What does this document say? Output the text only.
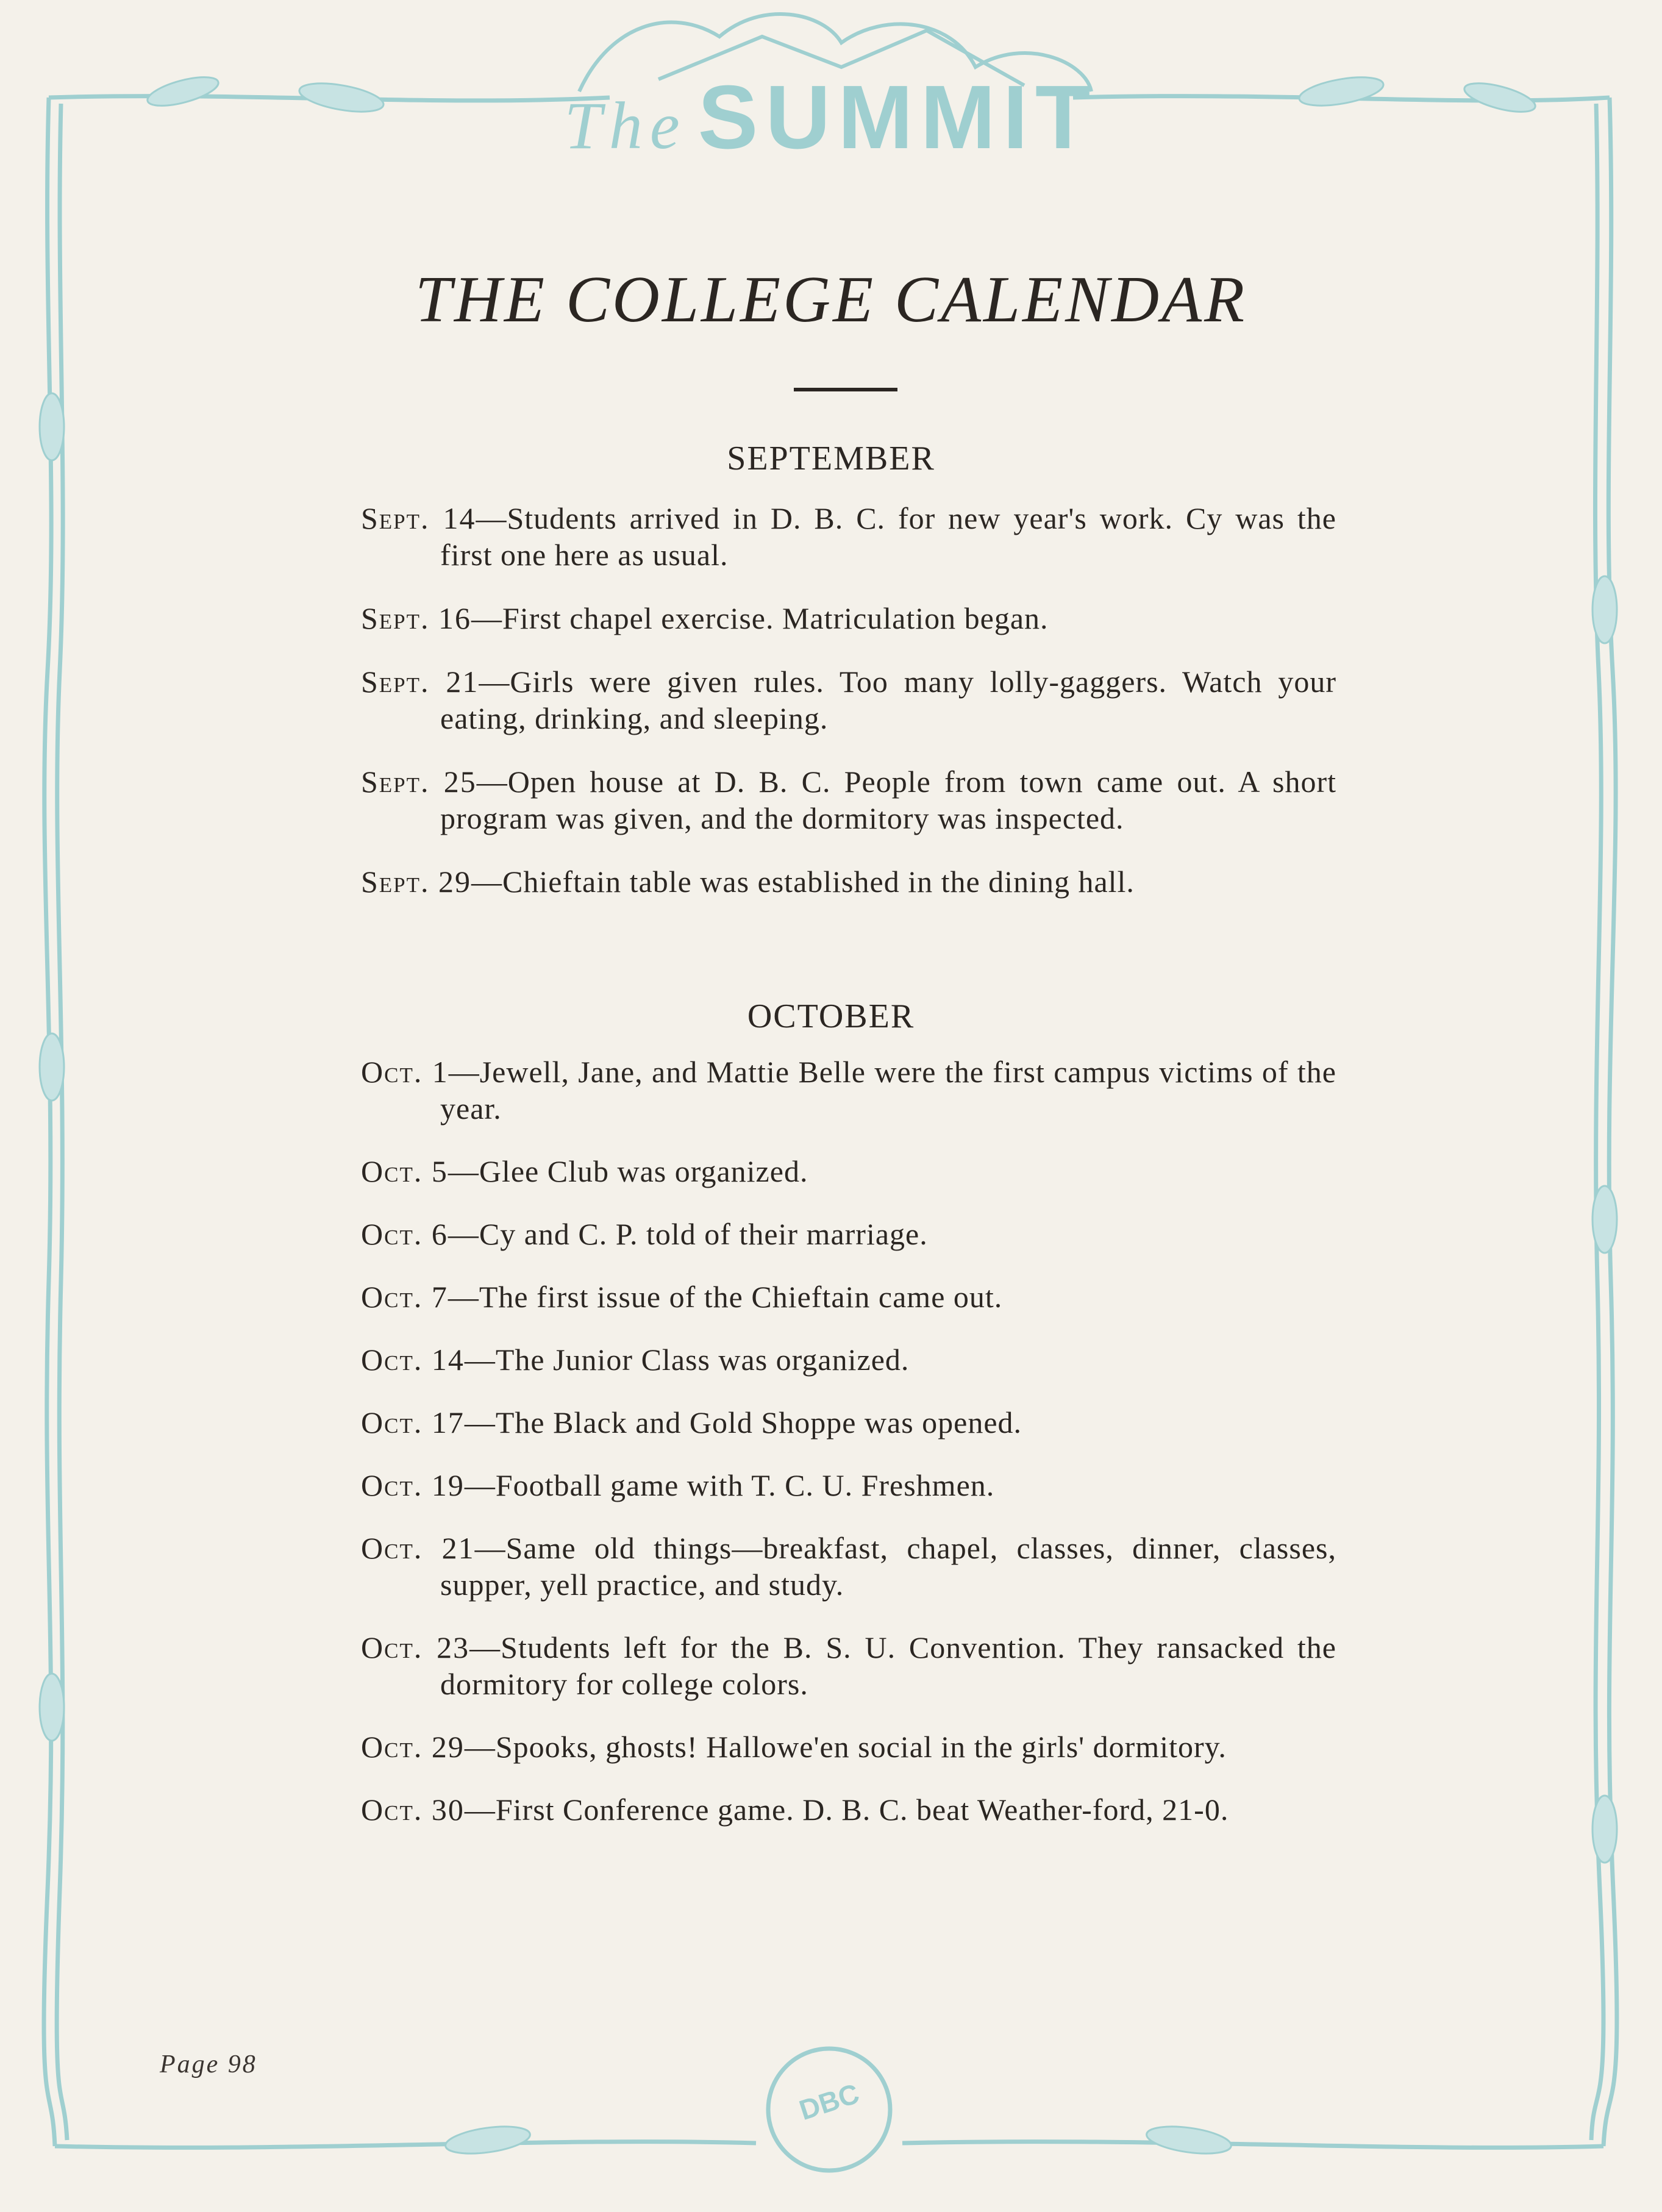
The SUMMIT
THE COLLEGE CALENDAR
SEPTEMBER
Sept. 14—Students arrived in D. B. C. for new year's work. Cy was the first one here as usual.
Sept. 16—First chapel exercise. Matriculation began.
Sept. 21—Girls were given rules. Too many lolly-gaggers. Watch your eating, drinking, and sleeping.
Sept. 25—Open house at D. B. C. People from town came out. A short program was given, and the dormitory was inspected.
Sept. 29—Chieftain table was established in the dining hall.
OCTOBER
Oct. 1—Jewell, Jane, and Mattie Belle were the first campus victims of the year.
Oct. 5—Glee Club was organized.
Oct. 6—Cy and C. P. told of their marriage.
Oct. 7—The first issue of the Chieftain came out.
Oct. 14—The Junior Class was organized.
Oct. 17—The Black and Gold Shoppe was opened.
Oct. 19—Football game with T. C. U. Freshmen.
Oct. 21—Same old things—breakfast, chapel, classes, dinner, classes, supper, yell practice, and study.
Oct. 23—Students left for the B. S. U. Convention. They ransacked the dormitory for college colors.
Oct. 29—Spooks, ghosts! Hallowe'en social in the girls' dormitory.
Oct. 30—First Conference game. D. B. C. beat Weather-ford, 21-0.
Page 98
DBC
